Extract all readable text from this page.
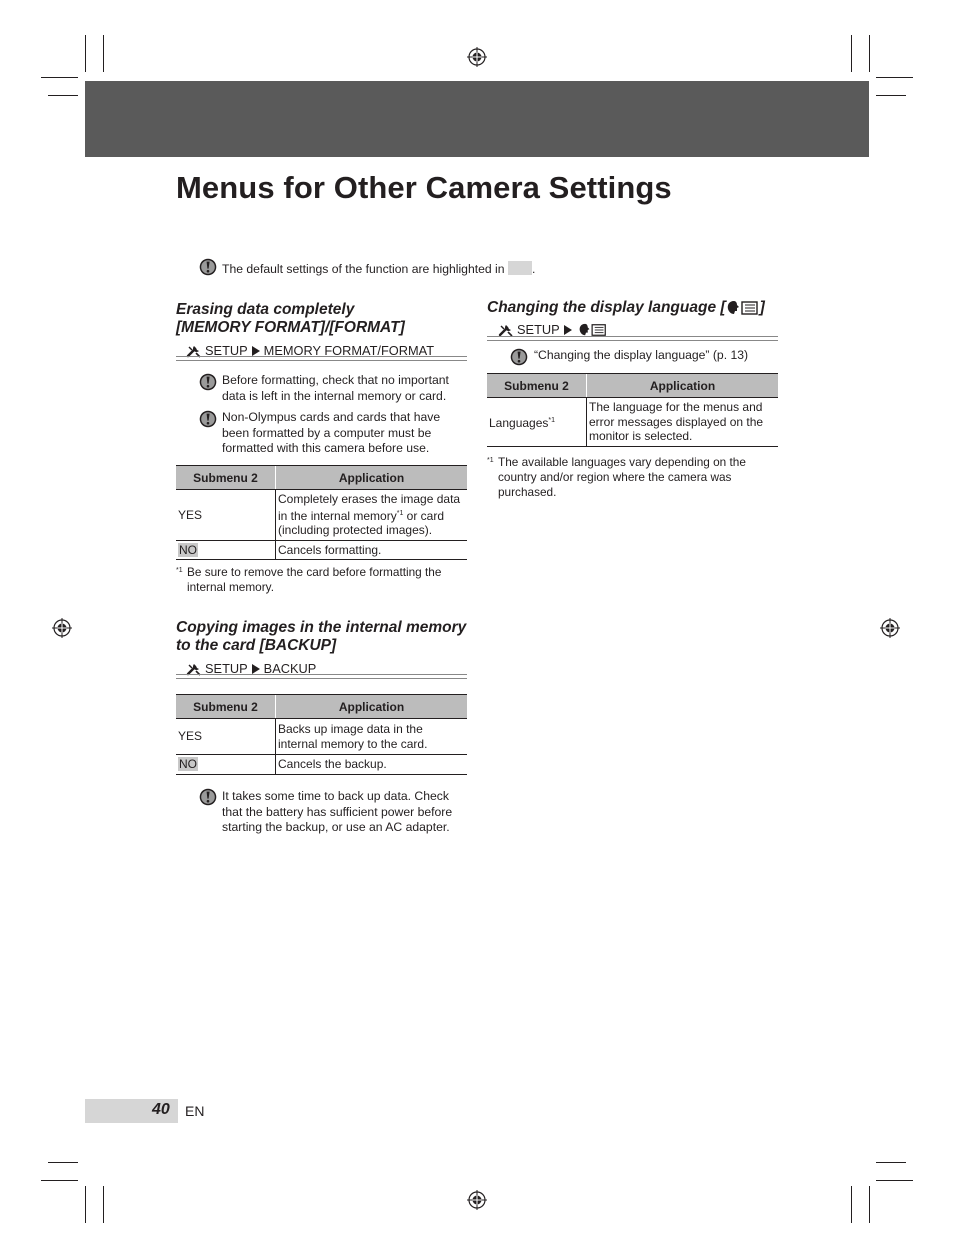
Menus for Other Camera Settings
The default settings of the function are highlighted in .
Erasing data completely
[MEMORY FORMAT]/[FORMAT]
SETUP MEMORY FORMAT/FORMAT
Before formatting, check that no important data is left in the internal memory or card.
Non-Olympus cards and cards that have been formatted by a computer must be formatted with this camera before use.
Submenu 2	Application
YES	Completely erases the image data in the internal memory$^{*1}$ or card (including protected images).
NO	Cancels formatting.
*1 Be sure to remove the card before formatting the internal memory.
Copying images in the internal memory
to the card [BACKUP]
SETUP BACKUP
Submenu 2	Application
YES	Backs up image data in the internal memory to the card.
NO	Cancels the backup.
It takes some time to back up data. Check that the battery has sufficient power before starting the backup, or use an AC adapter.
Changing the display language [ ]
SETUP
“Changing the display language” (p. 13)
Submenu 2	Application
Languages$^{*1}$	The language for the menus and error messages displayed on the monitor is selected.
*1 The available languages vary depending on the country and/or region where the camera was purchased.
40 EN
